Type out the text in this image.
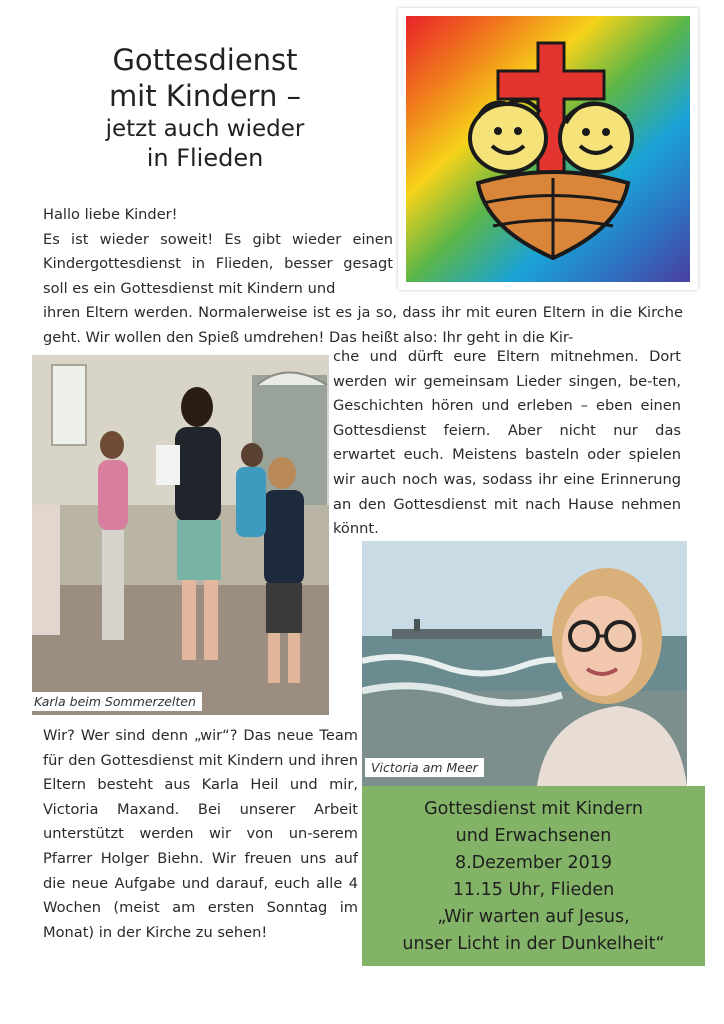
Gottesdienst
mit Kindern –
jetzt auch wieder
in Flieden

Hallo liebe Kinder!

Es ist wieder soweit! Es gibt wieder einen Kindergottesdienst in Flieden, besser gesagt soll es ein Gottesdienst mit Kindern und

ihren Eltern werden. Normalerweise ist es ja so, dass ihr mit euren Eltern in die Kirche geht. Wir wollen den Spieß umdrehen! Das heißt also: Ihr geht in die Kir-

Karla beim Sommerzelten

che und dürft eure Eltern mitnehmen. Dort werden wir gemeinsam Lieder singen, be-ten, Geschichten hören und erleben – eben einen Gottesdienst feiern. Aber nicht nur das erwartet euch. Meistens basteln oder spielen wir auch noch was, sodass ihr eine Erinnerung an den Gottesdienst mit nach Hause nehmen könnt.

Victoria am Meer

Wir? Wer sind denn „wir“? Das neue Team für den Gottesdienst mit Kindern und ihren Eltern besteht aus Karla Heil und mir, Victoria Maxand. Bei unserer Arbeit unterstützt werden wir von un-serem Pfarrer Holger Biehn. Wir freuen uns auf die neue Aufgabe und darauf, euch alle 4 Wochen (meist am ersten Sonntag im Monat) in der Kirche zu sehen!

Gottesdienst mit Kindern
und Erwachsenen
8.Dezember 2019
11.15 Uhr, Flieden
„Wir warten auf Jesus,
unser Licht in der Dunkelheit“
